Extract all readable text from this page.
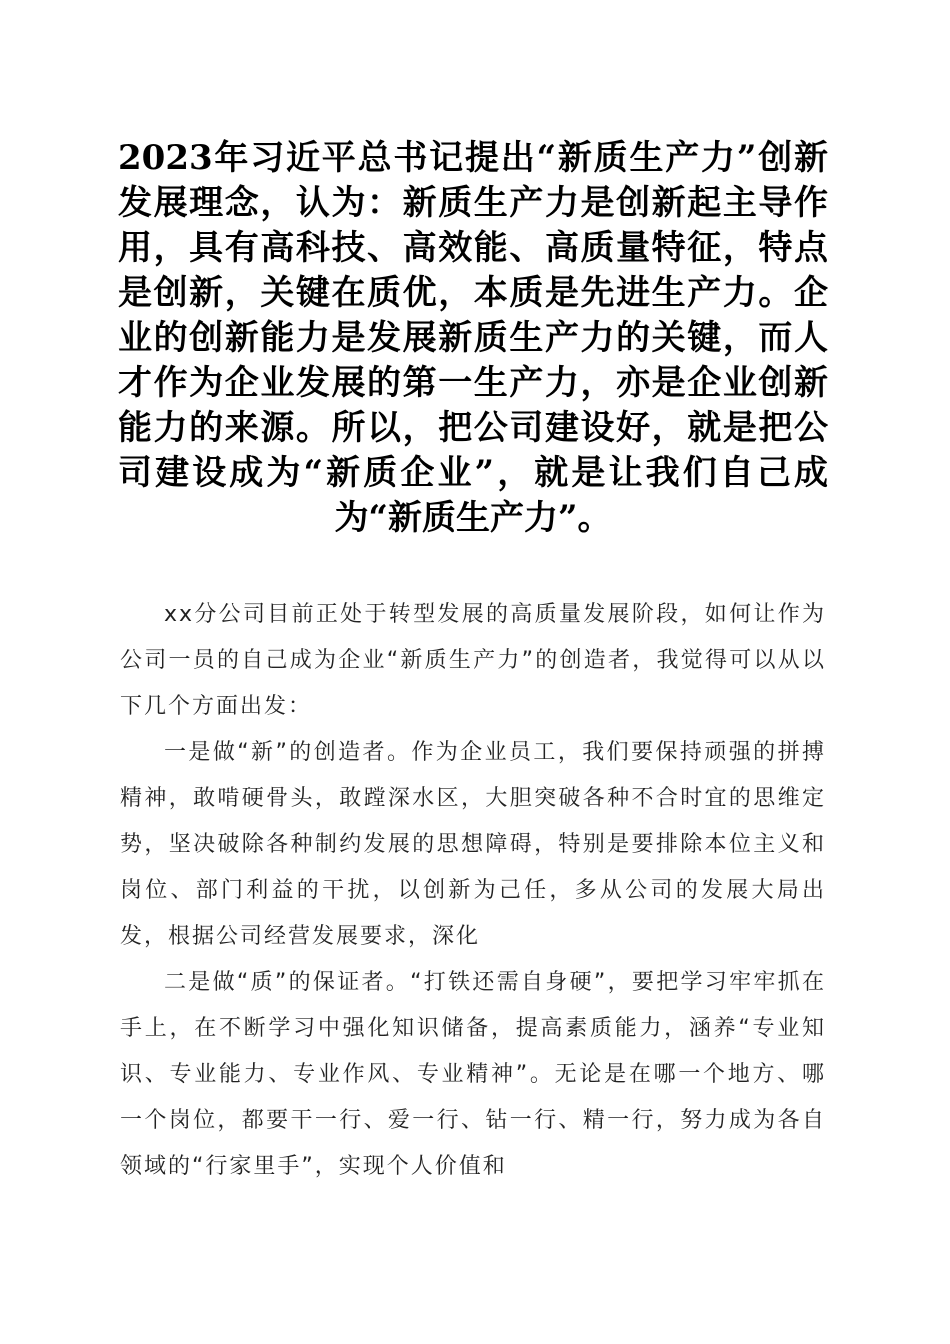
2023年习近平总书记提出“新质生产力”创新发展理念，认为：新质生产力是创新起主导作用，具有高科技、高效能、高质量特征，特点是创新，关键在质优，本质是先进生产力。企业的创新能力是发展新质生产力的关键，而人才作为企业发展的第一生产力，亦是企业创新能力的来源。所以，把公司建设好，就是把公司建设成为“新质企业”，就是让我们自己成为“新质生产力”。

xx分公司目前正处于转型发展的高质量发展阶段，如何让作为公司一员的自己成为企业“新质生产力”的创造者，我觉得可以从以下几个方面出发：

一是做“新”的创造者。作为企业员工，我们要保持顽强的拼搏精神，敢啃硬骨头，敢蹚深水区，大胆突破各种不合时宜的思维定势，坚决破除各种制约发展的思想障碍，特别是要排除本位主义和岗位、部门利益的干扰，以创新为己任，多从公司的发展大局出发，根据公司经营发展要求，深化

二是做“质”的保证者。“打铁还需自身硬”，要把学习牢牢抓在手上，在不断学习中强化知识储备，提高素质能力，涵养“专业知识、专业能力、专业作风、专业精神”。无论是在哪一个地方、哪一个岗位，都要干一行、爱一行、钻一行、精一行，努力成为各自领域的“行家里手”，实现个人价值和
